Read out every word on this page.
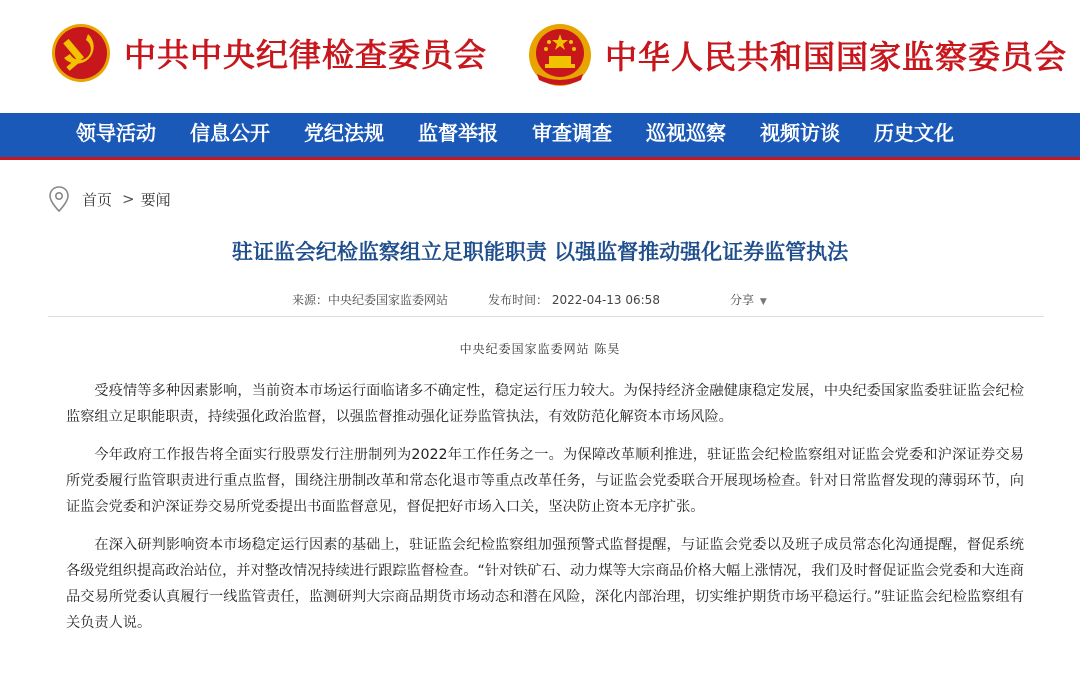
中共中央纪律检查委员会	中华人民共和国国家监察委员会
领导活动 信息公开 党纪法规 监督举报 审查调查 巡视巡察 视频访谈 历史文化
首页 > 要闻
驻证监会纪检监察组立足职能职责 以强监督推动强化证券监管执法
来源：中央纪委国家监委网站	发布时间： 2022-04-13 06:58	分享 ▼
中央纪委国家监委网站 陈昊

受疫情等多种因素影响，当前资本市场运行面临诸多不确定性，稳定运行压力较大。为保持经济金融健康稳定发展，中央纪委国家监委驻证监会纪检监察组立足职能职责，持续强化政治监督，以强监督推动强化证券监管执法，有效防范化解资本市场风险。

今年政府工作报告将全面实行股票发行注册制列为2022年工作任务之一。为保障改革顺利推进，驻证监会纪检监察组对证监会党委和沪深证券交易所党委履行监管职责进行重点监督，围绕注册制改革和常态化退市等重点改革任务，与证监会党委联合开展现场检查。针对日常监督发现的薄弱环节，向证监会党委和沪深证券交易所党委提出书面监督意见，督促把好市场入口关，坚决防止资本无序扩张。

在深入研判影响资本市场稳定运行因素的基础上，驻证监会纪检监察组加强预警式监督提醒，与证监会党委以及班子成员常态化沟通提醒，督促系统各级党组织提高政治站位，并对整改情况持续进行跟踪监督检查。“针对铁矿石、动力煤等大宗商品价格大幅上涨情况，我们及时督促证监会党委和大连商品交易所党委认真履行一线监管责任，监测研判大宗商品期货市场动态和潜在风险，深化内部治理，切实维护期货市场平稳运行。”驻证监会纪检监察组有关负责人说。
